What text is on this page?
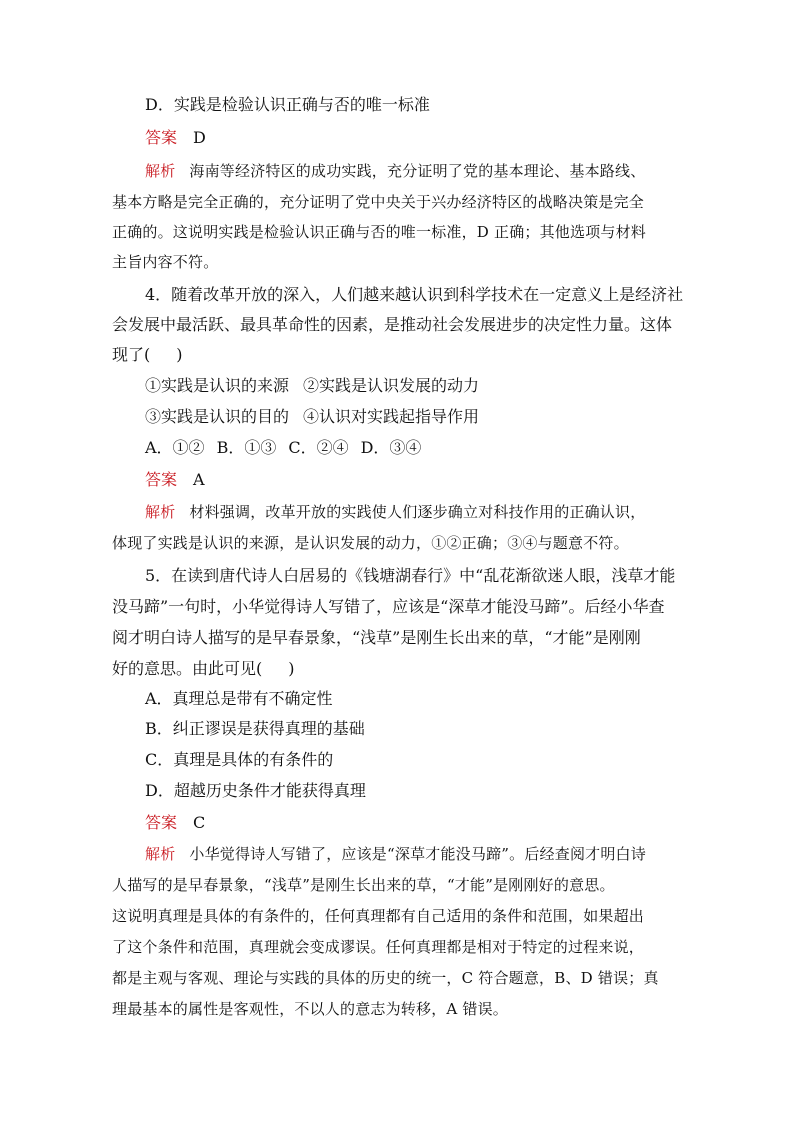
D．实践是检验认识正确与否的唯一标准
答案 D
解析 海南等经济特区的成功实践，充分证明了党的基本理论、基本路线、
基本方略是完全正确的，充分证明了党中央关于兴办经济特区的战略决策是完全
正确的。这说明实践是检验认识正确与否的唯一标准，D 正确；其他选项与材料
主旨内容不符。
4．随着改革开放的深入，人们越来越认识到科学技术在一定意义上是经济社
会发展中最活跃、最具革命性的因素，是推动社会发展进步的决定性力量。这体
现了( )
①实践是认识的来源 ②实践是认识发展的动力
③实践是认识的目的 ④认识对实践起指导作用
A．①② B．①③ C．②④ D．③④
答案 A
解析 材料强调，改革开放的实践使人们逐步确立对科技作用的正确认识，
体现了实践是认识的来源，是认识发展的动力，①②正确；③④与题意不符。
5．在读到唐代诗人白居易的《钱塘湖春行》中“乱花渐欲迷人眼，浅草才能
没马蹄”一句时，小华觉得诗人写错了，应该是“深草才能没马蹄”。后经小华查
阅才明白诗人描写的是早春景象，“浅草”是刚生长出来的草，“才能”是刚刚
好的意思。由此可见( )
A．真理总是带有不确定性
B．纠正谬误是获得真理的基础
C．真理是具体的有条件的
D．超越历史条件才能获得真理
答案 C
解析 小华觉得诗人写错了，应该是“深草才能没马蹄”。后经查阅才明白诗
人描写的是早春景象，“浅草”是刚生长出来的草，“才能”是刚刚好的意思。
这说明真理是具体的有条件的，任何真理都有自己适用的条件和范围，如果超出
了这个条件和范围，真理就会变成谬误。任何真理都是相对于特定的过程来说，
都是主观与客观、理论与实践的具体的历史的统一，C 符合题意，B、D 错误；真
理最基本的属性是客观性，不以人的意志为转移，A 错误。
